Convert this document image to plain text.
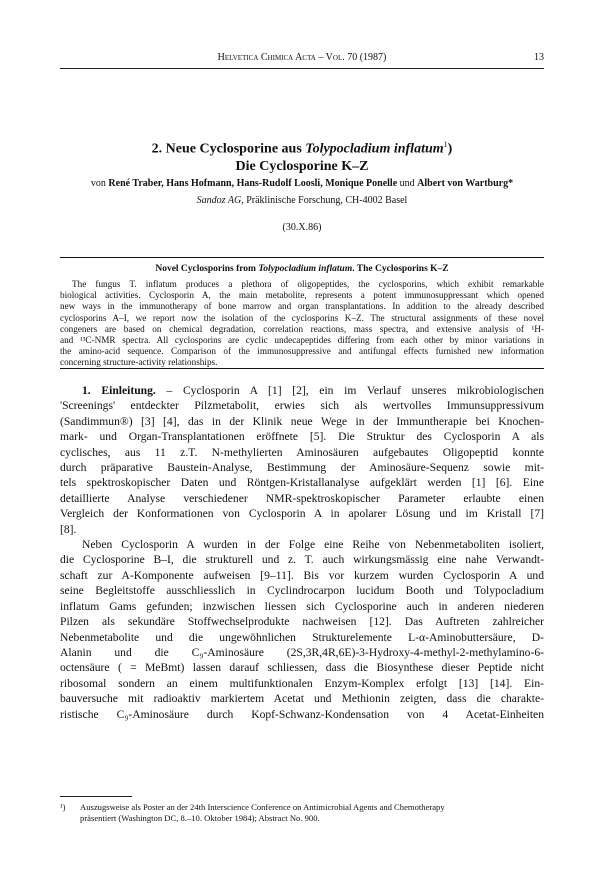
Helvetica Chimica Acta – Vol. 70 (1987)	13
2. Neue Cyclosporine aus Tolypocladium inflatum$^1$)
Die Cyclosporine K–Z
von René Traber, Hans Hofmann, Hans-Rudolf Loosli, Monique Ponelle und Albert von Wartburg*
Sandoz AG, Präklinische Forschung, CH-4002 Basel
(30.X.86)
Novel Cyclosporins from Tolypocladium inflatum. The Cyclosporins K–Z
The fungus T. inflatum produces a plethora of oligopeptides, the cyclosporins, which exhibit remarkable
biological activities. Cyclosporin A, the main metabolite, represents a potent immunosuppressant which opened
new ways in the immunotherapy of bone marrow and organ transplantations. In addition to the already described
cyclosporins A–I, we report now the isolation of the cyclosporins K–Z. The structural assignments of these novel
congeners are based on chemical degradation, correlation reactions, mass spectra, and extensive analysis of ¹H-
and ¹³C-NMR spectra. All cyclosporins are cyclic undecapeptides differing from each other by minor variations in
the amino-acid sequence. Comparison of the immunosuppressive and antifungal effects furnished new information
concerning structure-activity relationships.
1. Einleitung. – Cyclosporin A [1] [2], ein im Verlauf unseres mikrobiologischen
'Screenings' entdeckter Pilzmetabolit, erwies sich als wertvolles Immunsuppressivum
(Sandimmun®) [3] [4], das in der Klinik neue Wege in der Immuntherapie bei Knochen-
mark- und Organ-Transplantationen eröffnete [5]. Die Struktur des Cyclosporin A als
cyclisches, aus 11 z.T. N-methylierten Aminosäuren aufgebautes Oligopeptid konnte
durch präparative Baustein-Analyse, Bestimmung der Aminosäure-Sequenz sowie mit-
tels spektroskopischer Daten und Röntgen-Kristallanalyse aufgeklärt werden [1] [6]. Eine
detaillierte Analyse verschiedener NMR-spektroskopischer Parameter erlaubte einen
Vergleich der Konformationen von Cyclosporin A in apolarer Lösung und im Kristall [7]
[8].
Neben Cyclosporin A wurden in der Folge eine Reihe von Nebenmetaboliten isoliert,
die Cyclosporine B–I, die strukturell und z. T. auch wirkungsmässig eine nahe Verwandt-
schaft zur A-Komponente aufweisen [9–11]. Bis vor kurzem wurden Cyclosporin A und
seine Begleitstoffe ausschliesslich in Cyclindrocarpon lucidum Booth und Tolypocladium
inflatum Gams gefunden; inzwischen liessen sich Cyclosporine auch in anderen niederen
Pilzen als sekundäre Stoffwechselprodukte nachweisen [12]. Das Auftreten zahlreicher
Nebenmetabolite und die ungewöhnlichen Strukturelemente L-α-Aminobuttersäure, D-
Alanin und die C₉-Aminosäure (2S,3R,4R,6E)-3-Hydroxy-4-methyl-2-methylamino-6-
octensäure ( = MeBmt) lassen darauf schliessen, dass die Biosynthese dieser Peptide nicht
ribosomal sondern an einem multifunktionalen Enzym-Komplex erfolgt [13] [14]. Ein-
bauversuche mit radioaktiv markiertem Acetat und Methionin zeigten, dass die charakte-
ristische C₉-Aminosäure durch Kopf-Schwanz-Kondensation von 4 Acetat-Einheiten
¹) Auszugsweise als Poster an der 24th Interscience Conference on Antimicrobial Agents and Chemotherapy
präsentiert (Washington DC, 8.–10. Oktober 1984); Abstract No. 900.
